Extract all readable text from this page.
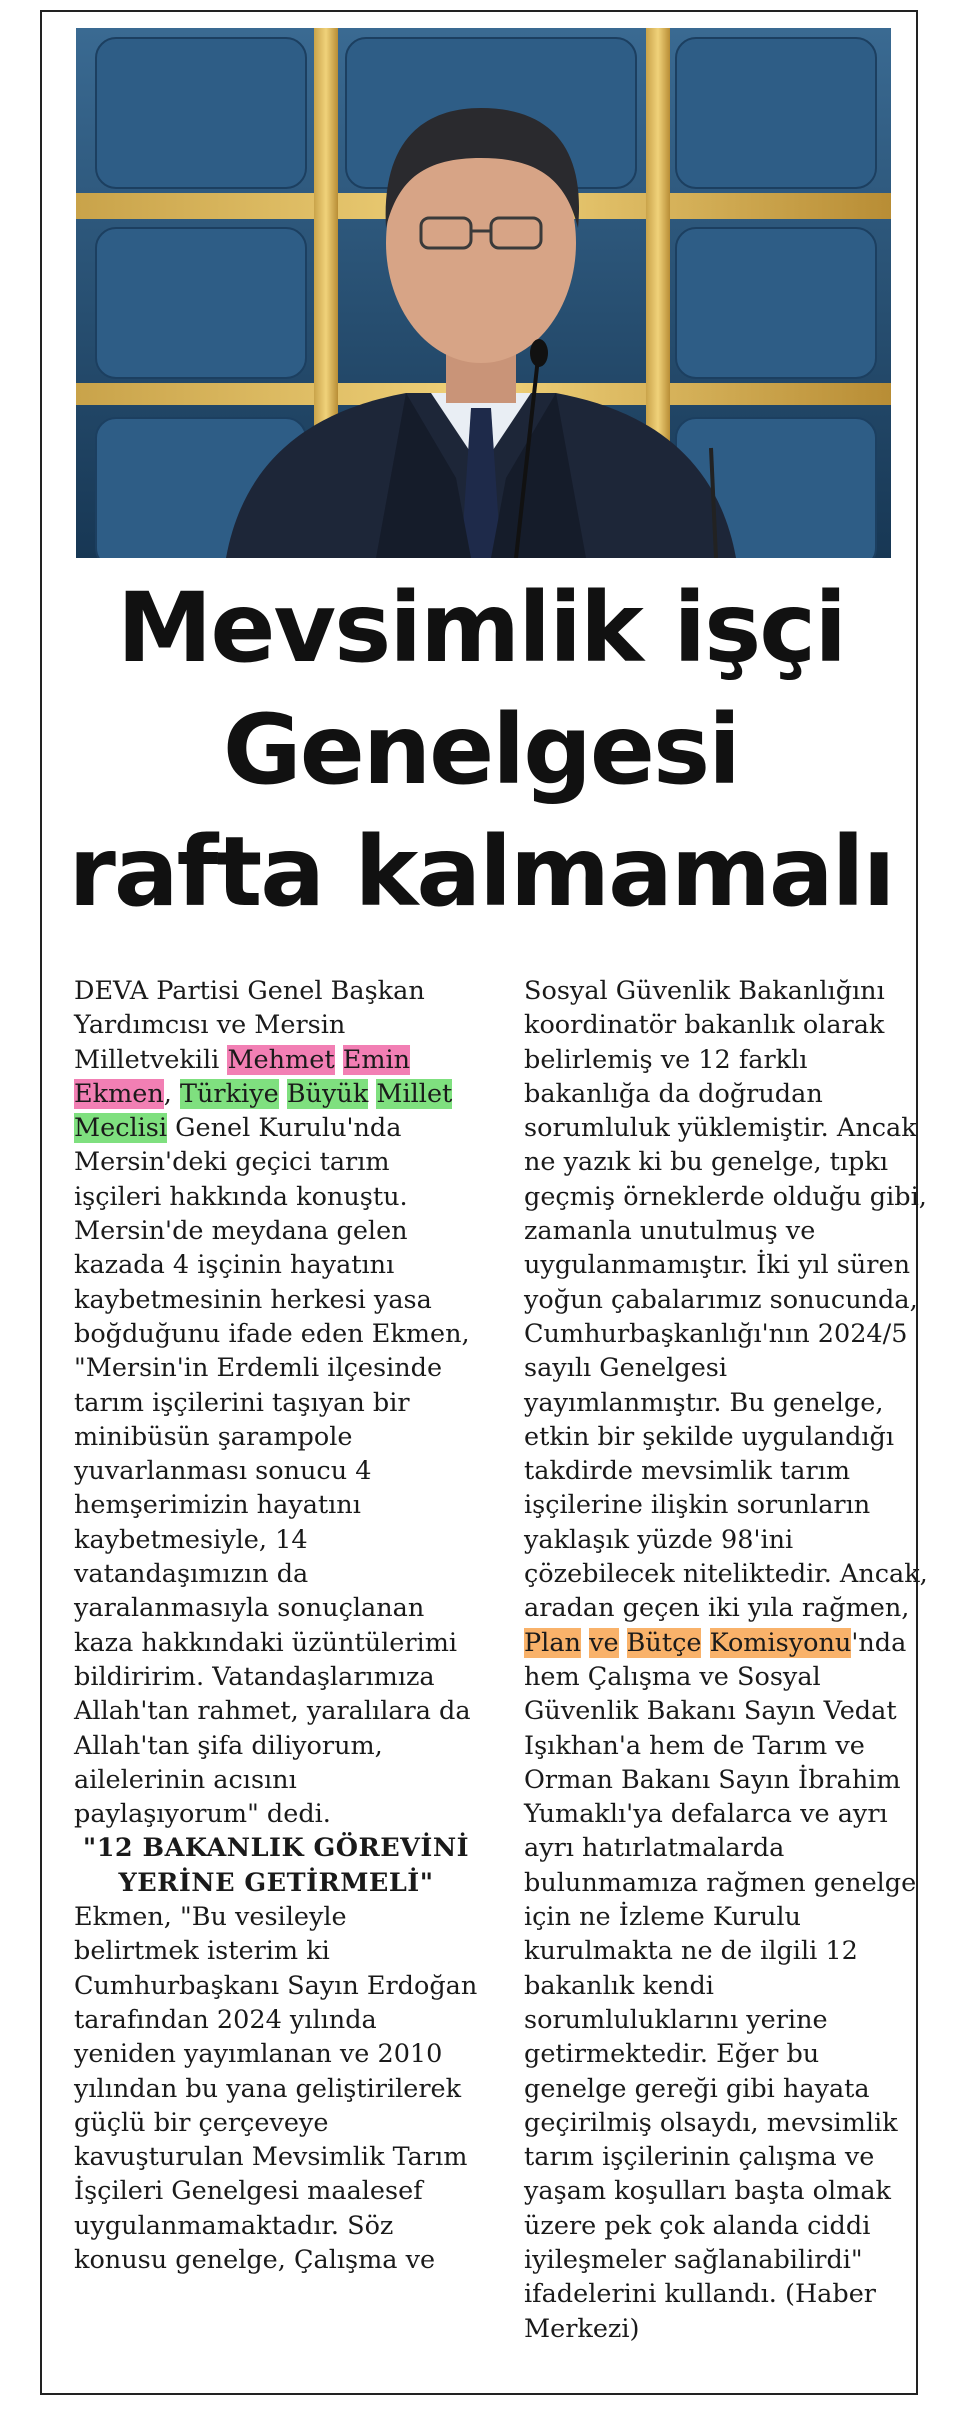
Mevsimlik işçi
Genelgesi
rafta kalmamalı

DEVA Partisi Genel Başkan Yardımcısı ve Mersin Milletvekili Mehmet Emin Ekmen, Türkiye Büyük Millet Meclisi Genel Kurulu'nda Mersin'deki geçici tarım işçileri hakkında konuştu.

Mersin'de meydana gelen kazada 4 işçinin hayatını kaybetmesinin herkesi yasa boğduğunu ifade eden Ekmen, "Mersin'in Erdemli ilçesinde tarım işçilerini taşıyan bir minibüsün şarampole yuvarlanması sonucu 4 hemşerimizin hayatını kaybetmesiyle, 14 vatandaşımızın da yaralanmasıyla sonuçlanan kaza hakkındaki üzüntülerimi bildiririm. Vatandaşlarımıza Allah'tan rahmet, yaralılara da Allah'tan şifa diliyorum, ailelerinin acısını paylaşıyorum" dedi.

"12 BAKANLIK GÖREVİNİ YERİNE GETİRMELİ"

Ekmen, "Bu vesileyle belirtmek isterim ki Cumhurbaşkanı Sayın Erdoğan tarafından 2024 yılında yeniden yayımlanan ve 2010 yılından bu yana geliştirilerek güçlü bir çerçeveye kavuşturulan Mevsimlik Tarım İşçileri Genelgesi maalesef uygulanmamaktadır. Söz konusu genelge, Çalışma ve

Sosyal Güvenlik Bakanlığını koordinatör bakanlık olarak belirlemiş ve 12 farklı bakanlığa da doğrudan sorumluluk yüklemiştir. Ancak ne yazık ki bu genelge, tıpkı geçmiş örneklerde olduğu gibi, zamanla unutulmuş ve uygulanmamıştır. İki yıl süren yoğun çabalarımız sonucunda, Cumhurbaşkanlığı'nın 2024/5 sayılı Genelgesi yayımlanmıştır. Bu genelge, etkin bir şekilde uygulandığı takdirde mevsimlik tarım işçilerine ilişkin sorunların yaklaşık yüzde 98'ini çözebilecek niteliktedir. Ancak, aradan geçen iki yıla rağmen, Plan ve Bütçe Komisyonu'nda hem Çalışma ve Sosyal Güvenlik Bakanı Sayın Vedat Işıkhan'a hem de Tarım ve Orman Bakanı Sayın İbrahim Yumaklı'ya defalarca ve ayrı ayrı hatırlatmalarda bulunmamıza rağmen genelge için ne İzleme Kurulu kurulmakta ne de ilgili 12 bakanlık kendi sorumluluklarını yerine getirmektedir. Eğer bu genelge gereği gibi hayata geçirilmiş olsaydı, mevsimlik tarım işçilerinin çalışma ve yaşam koşulları başta olmak üzere pek çok alanda ciddi iyileşmeler sağlanabilirdi" ifadelerini kullandı. (Haber Merkezi)
